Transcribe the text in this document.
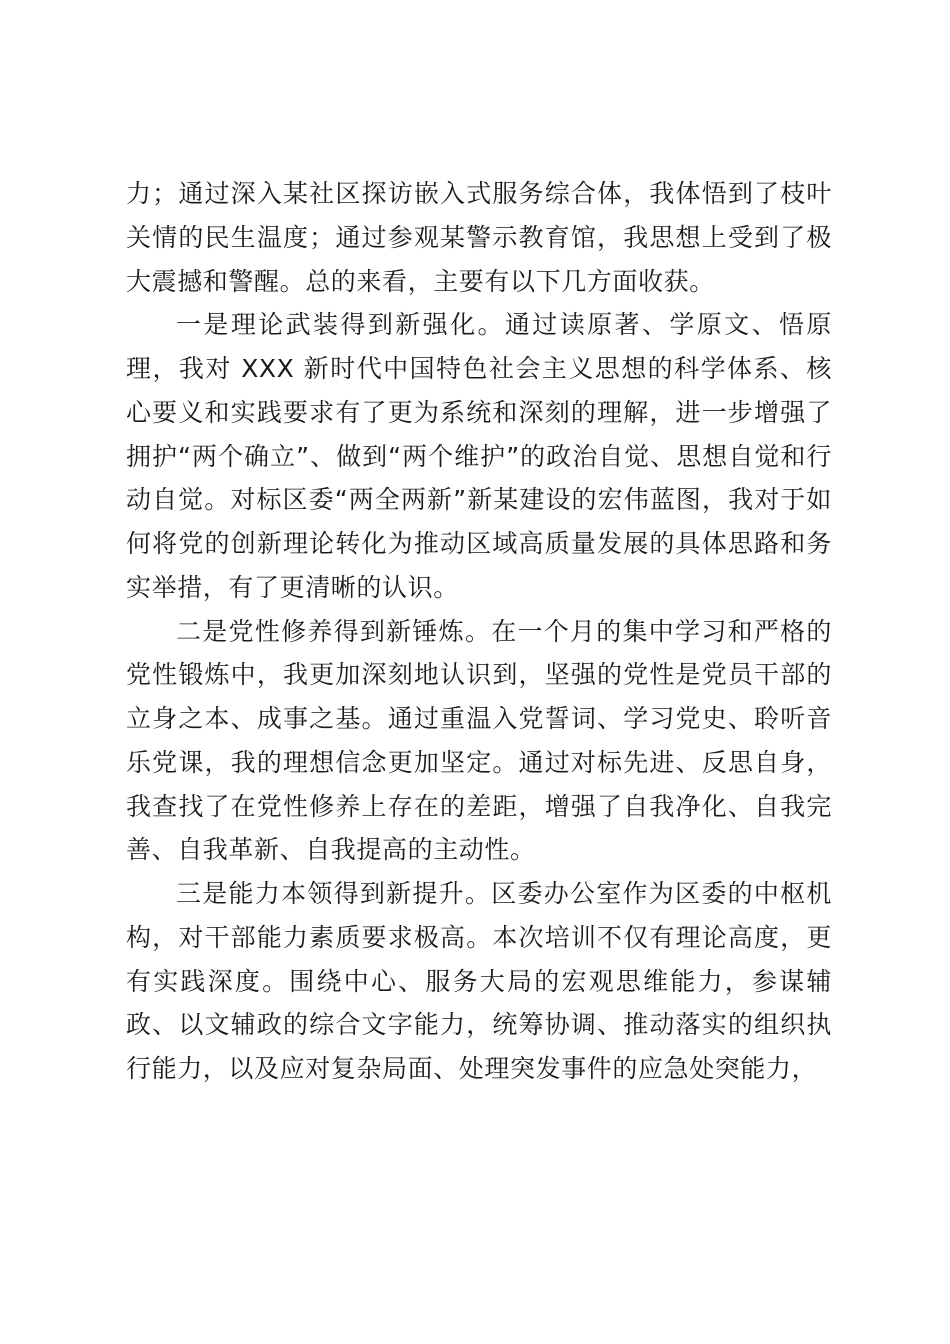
力；通过深入某社区探访嵌入式服务综合体，我体悟到了枝叶关情的民生温度；通过参观某警示教育馆，我思想上受到了极大震撼和警醒。总的来看，主要有以下几方面收获。

一是理论武装得到新强化。通过读原著、学原文、悟原理，我对 XXX 新时代中国特色社会主义思想的科学体系、核心要义和实践要求有了更为系统和深刻的理解，进一步增强了拥护“两个确立”、做到“两个维护”的政治自觉、思想自觉和行动自觉。对标区委“两全两新”新某建设的宏伟蓝图，我对于如何将党的创新理论转化为推动区域高质量发展的具体思路和务实举措，有了更清晰的认识。

二是党性修养得到新锤炼。在一个月的集中学习和严格的党性锻炼中，我更加深刻地认识到，坚强的党性是党员干部的立身之本、成事之基。通过重温入党誓词、学习党史、聆听音乐党课，我的理想信念更加坚定。通过对标先进、反思自身，我查找了在党性修养上存在的差距，增强了自我净化、自我完善、自我革新、自我提高的主动性。

三是能力本领得到新提升。区委办公室作为区委的中枢机构，对干部能力素质要求极高。本次培训不仅有理论高度，更有实践深度。围绕中心、服务大局的宏观思维能力，参谋辅政、以文辅政的综合文字能力，统筹协调、推动落实的组织执行能力，以及应对复杂局面、处理突发事件的应急处突能力，
